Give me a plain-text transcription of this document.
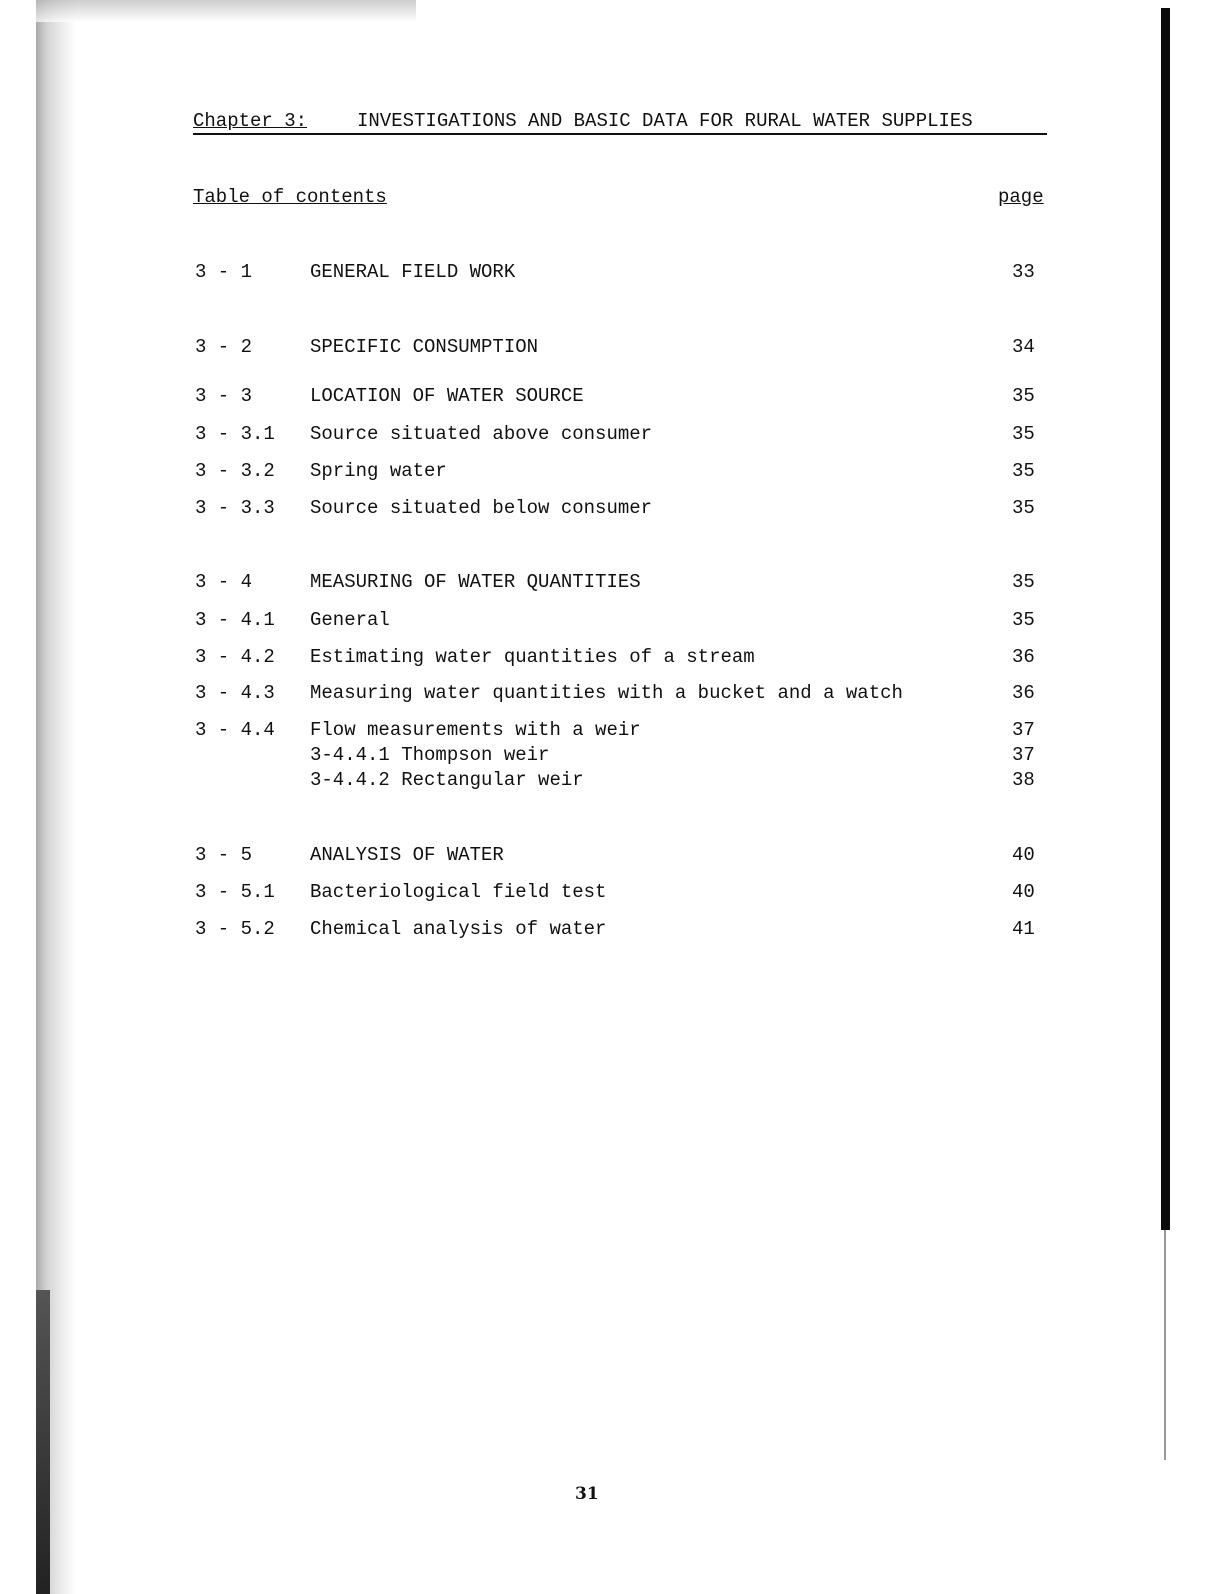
Chapter 3:	INVESTIGATIONS AND BASIC DATA FOR RURAL WATER SUPPLIES
Table of contents	page
3 - 1	GENERAL FIELD WORK	33
3 - 2	SPECIFIC CONSUMPTION	34
3 - 3	LOCATION OF WATER SOURCE	35
3 - 3.1 Source situated above consumer	35
3 - 3.2 Spring water	35
3 - 3.3 Source situated below consumer	35
3 - 4	MEASURING OF WATER QUANTITIES	35
3 - 4.1 General	35
3 - 4.2 Estimating water quantities of a stream	36
3 - 4.3 Measuring water quantities with a bucket and a watch	36
3 - 4.4 Flow measurements with a weir	37
3-4.4.1 Thompson weir	37
3-4.4.2 Rectangular weir	38
3 - 5	ANALYSIS OF WATER	40
3 - 5.1 Bacteriological field test	40
3 - 5.2 Chemical analysis of water	41
31
